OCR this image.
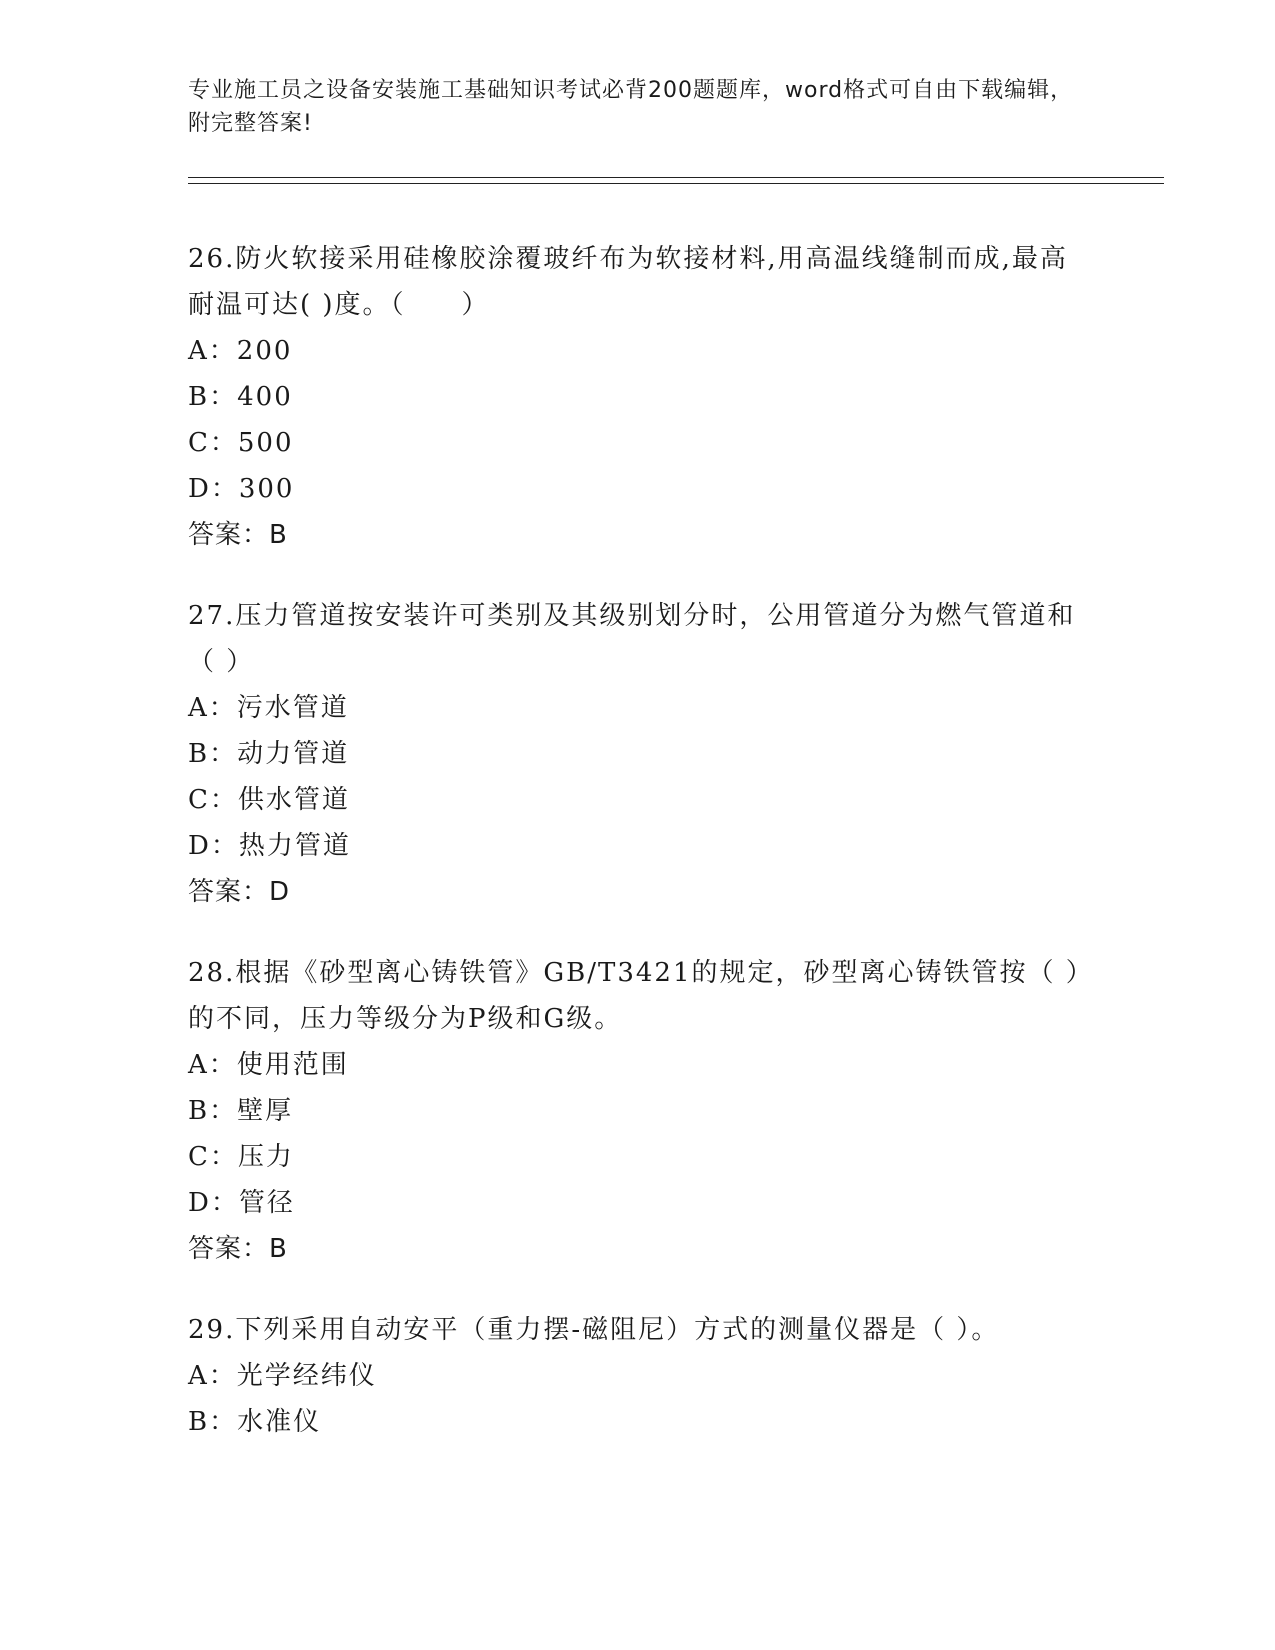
专业施工员之设备安装施工基础知识考试必背200题题库，word格式可自由下载编辑，附完整答案!
26.防火软接采用硅橡胶涂覆玻纤布为软接材料,用高温线缝制而成,最高耐温可达( )度。（　　）
A：200
B：400
C：500
D：300
答案：B
27.压力管道按安装许可类别及其级别划分时，公用管道分为燃气管道和（ ）
A：污水管道
B：动力管道
C：供水管道
D：热力管道
答案：D
28.根据《砂型离心铸铁管》GB/T3421的规定，砂型离心铸铁管按（ ）的不同，压力等级分为P级和G级。
A：使用范围
B：壁厚
C：压力
D：管径
答案：B
29.下列采用自动安平（重力摆-磁阻尼）方式的测量仪器是（ ）。
A：光学经纬仪
B：水准仪
